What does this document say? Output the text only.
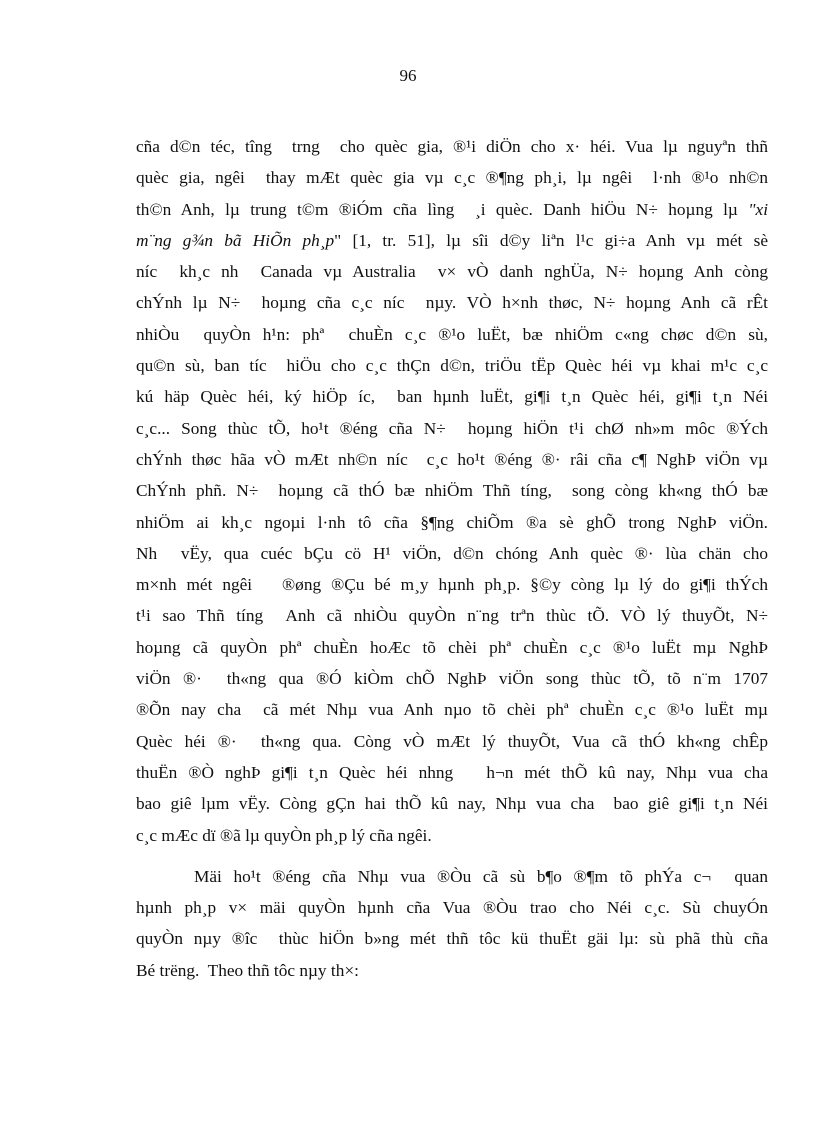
96
cña d©n téc, tîng  trng  cho quèc gia, ®¹i diÖn cho x· héi. Vua lµ nguyªn thñ
quèc gia, ngêi  thay mÆt quèc gia vµ c¸c ®¶ng ph¸i, lµ ngêi  l·nh ®¹o nh©n
th©n Anh, lµ trung t©m ®iÓm cña lìng  ¸i quèc. Danh hiÖu N÷ hoµng lµ "xi
m¨ng g¾n bã HiÕn ph¸p" [1, tr. 51], lµ sîi d©y liªn l¹c gi÷a Anh vµ mét sè
níc  kh¸c nh  Canada vµ Australia  v× vÒ danh nghÜa, N÷ hoµng Anh còng
chÝnh lµ N÷  hoµng cña c¸c níc  nµy. VÒ h×nh thøc, N÷ hoµng Anh cã rÊt
nhiÒu  quyÒn h¹n: phª  chuÈn c¸c ®¹o luËt, bæ nhiÖm c«ng chøc d©n sù,
qu©n sù, ban tíc  hiÖu cho c¸c thÇn d©n, triÖu tËp Quèc héi vµ khai m¹c c¸c
kú häp Quèc héi, ký hiÖp íc,  ban hµnh luËt, gi¶i t¸n Quèc héi, gi¶i t¸n Néi
c¸c... Song thùc tÕ, ho¹t ®éng cña N÷  hoµng hiÖn t¹i chØ nh»m môc ®Ých
chÝnh thøc hãa vÒ mÆt nh©n níc  c¸c ho¹t ®éng ®· râi cña c¶ NghÞ viÖn vµ
ChÝnh phñ. N÷  hoµng cã thÓ bæ nhiÖm Thñ tíng,  song còng kh«ng thÓ bæ
nhiÖm ai kh¸c ngoµi l·nh tô cña §¶ng chiÕm ®a sè ghÕ trong NghÞ viÖn.
Nh  vËy, qua cuéc bÇu cö H¹ viÖn, d©n chóng Anh quèc ®· lùa chän cho
m×nh mét ngêi   ®øng ®Çu bé m¸y hµnh ph¸p. §©y còng lµ lý do gi¶i thÝch
t¹i sao Thñ tíng  Anh cã nhiÒu quyÒn n¨ng trªn thùc tÕ. VÒ lý thuyÕt, N÷
hoµng cã quyÒn phª chuÈn hoÆc tõ chèi phª chuÈn c¸c ®¹o luËt mµ NghÞ
viÖn ®·  th«ng qua ®Ó kiÒm chÕ NghÞ viÖn song thùc tÕ, tõ n¨m 1707
®Õn nay cha  cã mét Nhµ vua Anh nµo tõ chèi phª chuÈn c¸c ®¹o luËt mµ
Quèc héi ®·  th«ng qua. Còng vÒ mÆt lý thuyÕt, Vua cã thÓ kh«ng chÊp
thuËn ®Ò nghÞ gi¶i t¸n Quèc héi nhng   h¬n mét thÕ kû nay, Nhµ vua cha
bao giê lµm vËy. Còng gÇn hai thÕ kû nay, Nhµ vua cha  bao giê gi¶i t¸n Néi
c¸c mÆc dï ®ã lµ quyÒn ph¸p lý cña ngêi.
Mäi ho¹t ®éng cña Nhµ vua ®Òu cã sù b¶o ®¶m tõ phÝa c¬  quan
hµnh ph¸p v× mäi quyÒn hµnh cña Vua ®Òu trao cho Néi c¸c. Sù chuyÓn
quyÒn nµy ®îc  thùc hiÖn b»ng mét thñ tôc kü thuËt gäi lµ: sù phã thù cña
Bé trëng.  Theo thñ tôc nµy th×:
